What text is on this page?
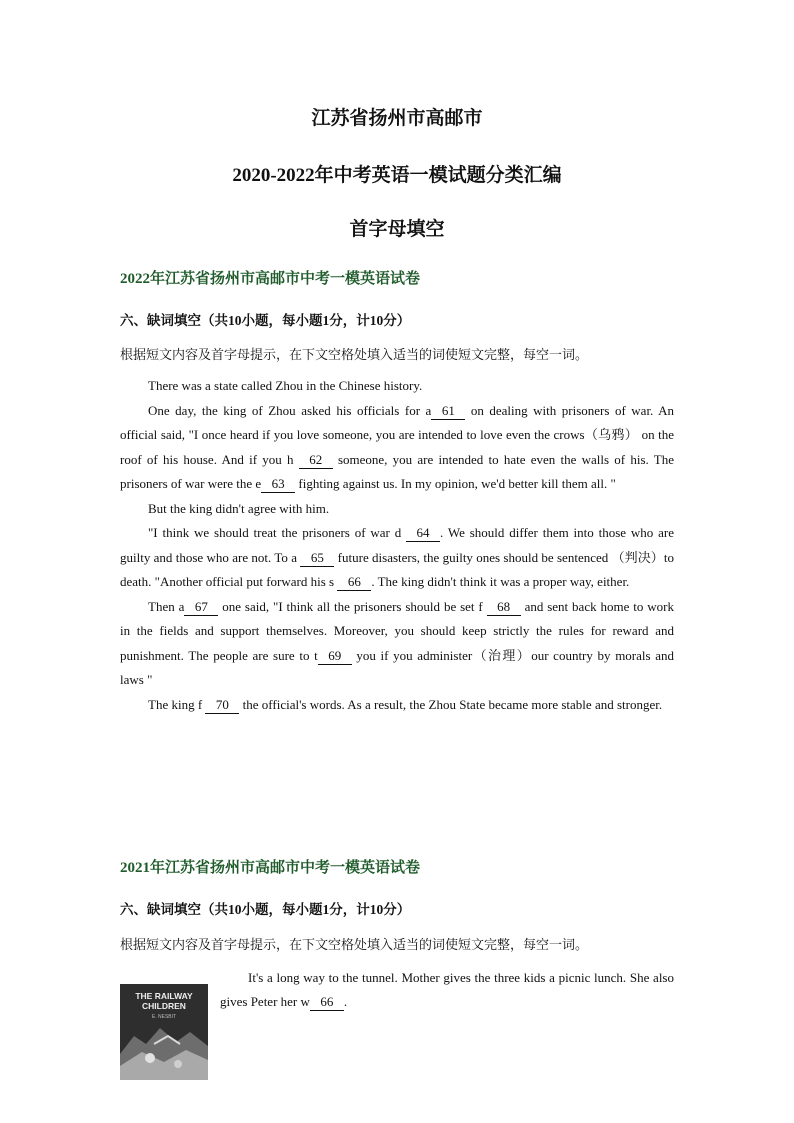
江苏省扬州市高邮市
2020-2022年中考英语一模试题分类汇编
首字母填空
2022年江苏省扬州市高邮市中考一模英语试卷
六、缺词填空（共10小题，每小题1分，计10分）
根据短文内容及首字母提示，在下文空格处填入适当的词使短文完整，每空一词。

There was a state called Zhou in the Chinese history.

One day, the king of Zhou asked his officials for a 61 on dealing with prisoners of war. An official said, "I once heard if you love someone, you are intended to love even the crows（乌鸦） on the roof of his house. And if you h 62 someone, you are intended to hate even the walls of his. The prisoners of war were the e 63 fighting against us. In my opinion, we'd better kill them all. "

But the king didn't agree with him.

"I think we should treat the prisoners of war d 64 . We should differ them into those who are guilty and those who are not. To a 65 future disasters, the guilty ones should be sentenced （判决）to death. "Another official put forward his s 66 . The king didn't think it was a proper way, either.

Then a 67 one said, "I think all the prisoners should be set f 68 and sent back home to work in the fields and support themselves. Moreover, you should keep strictly the rules for reward and punishment. The people are sure to t 69 you if you administer（治理）our country by morals and laws "

The king f 70 the official's words. As a result, the Zhou State became more stable and stronger.

2021年江苏省扬州市高邮市中考一模英语试卷
六、缺词填空（共10小题，每小题1分，计10分）
根据短文内容及首字母提示，在下文空格处填入适当的词使短文完整，每空一词。
THE RAILWAY CHILDREN
E. NESBIT

It's a long way to the tunnel. Mother gives the three kids a picnic lunch. She also gives Peter her w 66 .
